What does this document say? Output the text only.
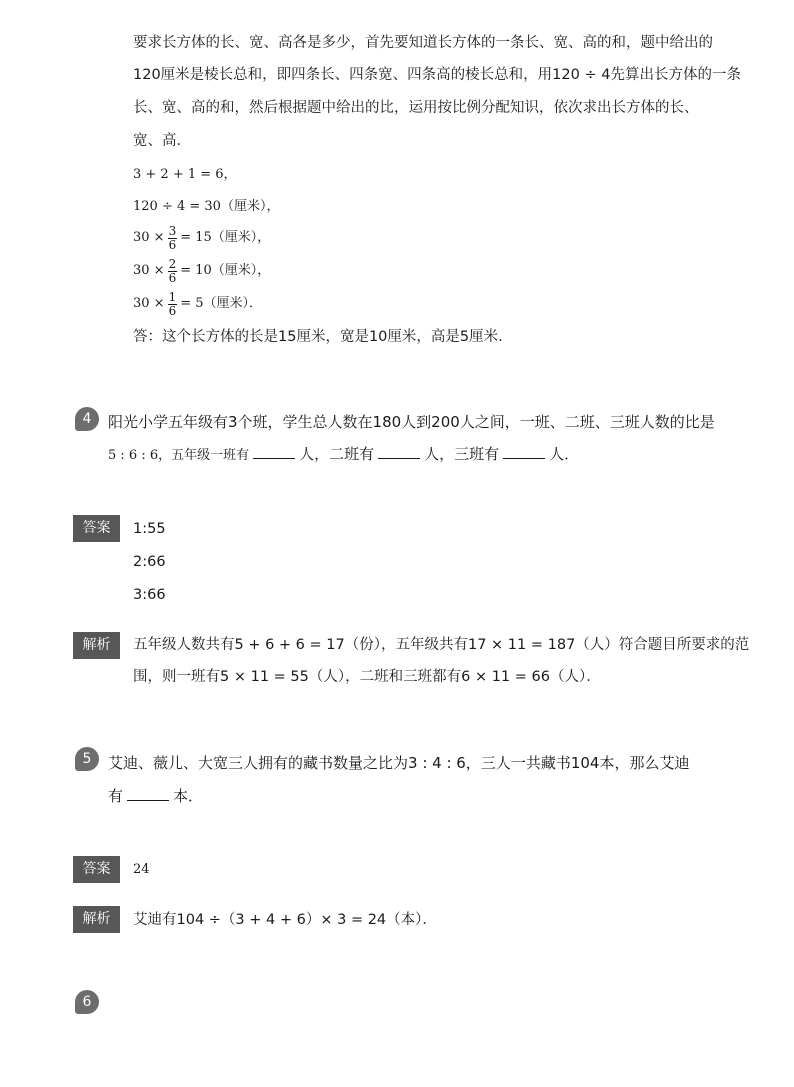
要求长方体的长、宽、高各是多少，首先要知道长方体的一条长、宽、高的和，题中给出的
120厘米是棱长总和，即四条长、四条宽、四条高的棱长总和，用120 ÷ 4先算出长方体的一条
长、宽、高的和，然后根据题中给出的比，运用按比例分配知识，依次求出长方体的长、
宽、高．
3 + 2 + 1 = 6，
120 ÷ 4 = 30（厘米），
$30 \times \frac{3}{6} = 15$（厘米），
$30 \times \frac{2}{6} = 10$（厘米），
$30 \times \frac{1}{6} = 5$（厘米）．
答：这个长方体的长是15厘米，宽是10厘米，高是5厘米．
4	阳光小学五年级有3个班，学生总人数在180人到200人之间，一班、二班、三班人数的比是
5 : 6 : 6，五年级一班有	人，二班有	人，三班有	人．
答案	1:55
2:66
3:66
解析	五年级人数共有5 + 6 + 6 = 17（份），五年级共有17 × 11 = 187（人）符合题目所要求的范
围，则一班有5 × 11 = 55（人），二班和三班都有6 × 11 = 66（人）．
5	艾迪、薇儿、大宽三人拥有的藏书数量之比为3 : 4 : 6，三人一共藏书104本，那么艾迪
有	本．
答案	24
解析	艾迪有104 ÷（3 + 4 + 6）× 3 = 24（本）．
6
